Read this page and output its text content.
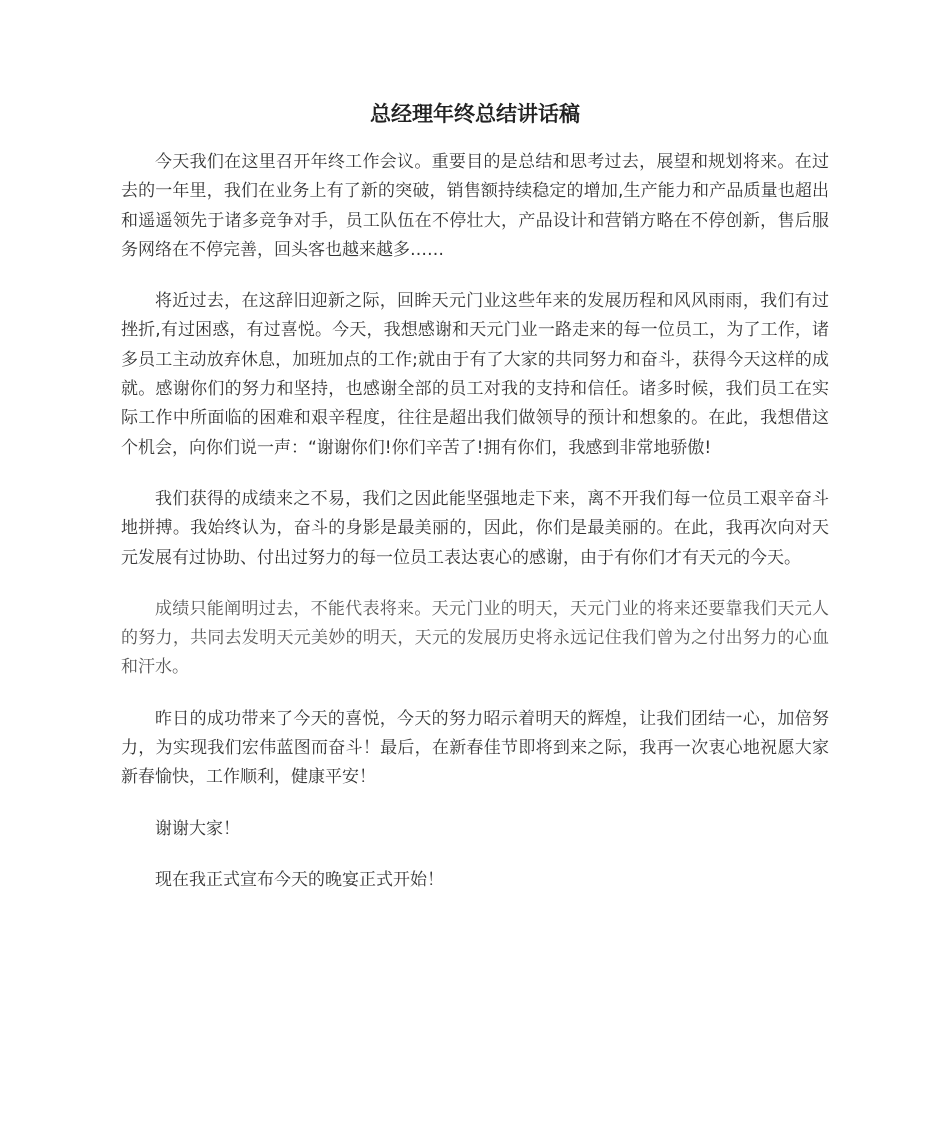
总经理年终总结讲话稿

今天我们在这里召开年终工作会议。重要目的是总结和思考过去，展望和规划将来。在过去的一年里，我们在业务上有了新的突破，销售额持续稳定的增加,生产能力和产品质量也超出和遥遥领先于诸多竞争对手，员工队伍在不停壮大，产品设计和营销方略在不停创新，售后服务网络在不停完善，回头客也越来越多……

将近过去，在这辞旧迎新之际，回眸天元门业这些年来的发展历程和风风雨雨，我们有过挫折,有过困惑，有过喜悦。今天，我想感谢和天元门业一路走来的每一位员工，为了工作，诸多员工主动放弃休息，加班加点的工作;就由于有了大家的共同努力和奋斗，获得今天这样的成就。感谢你们的努力和坚持，也感谢全部的员工对我的支持和信任。诸多时候，我们员工在实际工作中所面临的困难和艰辛程度，往往是超出我们做领导的预计和想象的。在此，我想借这个机会，向你们说一声：“谢谢你们!你们辛苦了!拥有你们，我感到非常地骄傲!

我们获得的成绩来之不易，我们之因此能坚强地走下来，离不开我们每一位员工艰辛奋斗地拼搏。我始终认为，奋斗的身影是最美丽的，因此，你们是最美丽的。在此，我再次向对天元发展有过协助、付出过努力的每一位员工表达衷心的感谢，由于有你们才有天元的今天。

成绩只能阐明过去，不能代表将来。天元门业的明天，天元门业的将来还要靠我们天元人的努力，共同去发明天元美妙的明天，天元的发展历史将永远记住我们曾为之付出努力的心血和汗水。

昨日的成功带来了今天的喜悦，今天的努力昭示着明天的辉煌，让我们团结一心，加倍努力，为实现我们宏伟蓝图而奋斗！最后，在新春佳节即将到来之际，我再一次衷心地祝愿大家新春愉快，工作顺利，健康平安！

谢谢大家！

现在我正式宣布今天的晚宴正式开始！
